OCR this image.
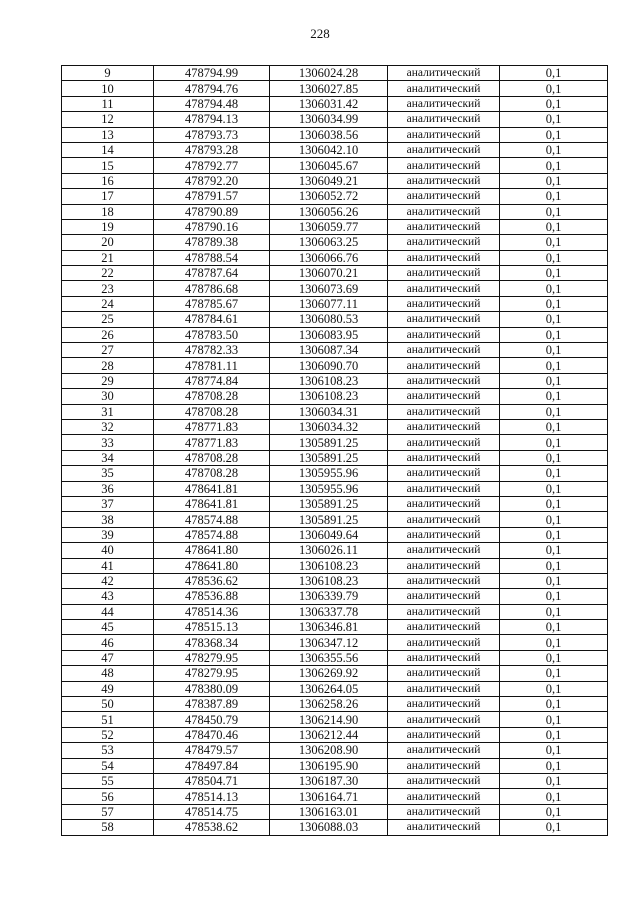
228
9	478794.99	1306024.28	аналитический	0,1
10	478794.76	1306027.85	аналитический	0,1
11	478794.48	1306031.42	аналитический	0,1
12	478794.13	1306034.99	аналитический	0,1
13	478793.73	1306038.56	аналитический	0,1
14	478793.28	1306042.10	аналитический	0,1
15	478792.77	1306045.67	аналитический	0,1
16	478792.20	1306049.21	аналитический	0,1
17	478791.57	1306052.72	аналитический	0,1
18	478790.89	1306056.26	аналитический	0,1
19	478790.16	1306059.77	аналитический	0,1
20	478789.38	1306063.25	аналитический	0,1
21	478788.54	1306066.76	аналитический	0,1
22	478787.64	1306070.21	аналитический	0,1
23	478786.68	1306073.69	аналитический	0,1
24	478785.67	1306077.11	аналитический	0,1
25	478784.61	1306080.53	аналитический	0,1
26	478783.50	1306083.95	аналитический	0,1
27	478782.33	1306087.34	аналитический	0,1
28	478781.11	1306090.70	аналитический	0,1
29	478774.84	1306108.23	аналитический	0,1
30	478708.28	1306108.23	аналитический	0,1
31	478708.28	1306034.31	аналитический	0,1
32	478771.83	1306034.32	аналитический	0,1
33	478771.83	1305891.25	аналитический	0,1
34	478708.28	1305891.25	аналитический	0,1
35	478708.28	1305955.96	аналитический	0,1
36	478641.81	1305955.96	аналитический	0,1
37	478641.81	1305891.25	аналитический	0,1
38	478574.88	1305891.25	аналитический	0,1
39	478574.88	1306049.64	аналитический	0,1
40	478641.80	1306026.11	аналитический	0,1
41	478641.80	1306108.23	аналитический	0,1
42	478536.62	1306108.23	аналитический	0,1
43	478536.88	1306339.79	аналитический	0,1
44	478514.36	1306337.78	аналитический	0,1
45	478515.13	1306346.81	аналитический	0,1
46	478368.34	1306347.12	аналитический	0,1
47	478279.95	1306355.56	аналитический	0,1
48	478279.95	1306269.92	аналитический	0,1
49	478380.09	1306264.05	аналитический	0,1
50	478387.89	1306258.26	аналитический	0,1
51	478450.79	1306214.90	аналитический	0,1
52	478470.46	1306212.44	аналитический	0,1
53	478479.57	1306208.90	аналитический	0,1
54	478497.84	1306195.90	аналитический	0,1
55	478504.71	1306187.30	аналитический	0,1
56	478514.13	1306164.71	аналитический	0,1
57	478514.75	1306163.01	аналитический	0,1
58	478538.62	1306088.03	аналитический	0,1
